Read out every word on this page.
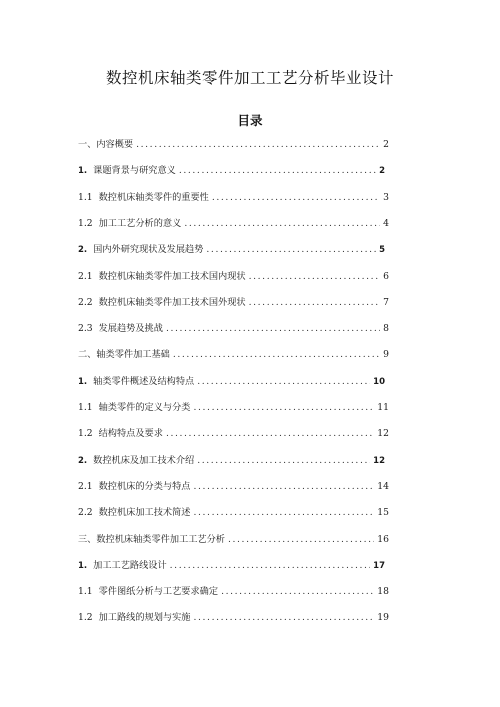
数控机床轴类零件加工工艺分析毕业设计
目录
一、内容概要 .....	2
1. 课题背景与研究意义 .....	2
1.1 数控机床轴类零件的重要性 .....	3
1.2 加工工艺分析的意义 .....	4
2. 国内外研究现状及发展趋势 .....	5
2.1 数控机床轴类零件加工技术国内现状 .....	6
2.2 数控机床轴类零件加工技术国外现状 .....	7
2.3 发展趋势及挑战 .....	8
二、轴类零件加工基础 .....	9
1. 轴类零件概述及结构特点 .....	10
1.1 轴类零件的定义与分类 .....	11
1.2 结构特点及要求 .....	12
2. 数控机床及加工技术介绍 .....	12
2.1 数控机床的分类与特点 .....	14
2.2 数控机床加工技术简述 .....	15
三、数控机床轴类零件加工工艺分析 .....	16
1. 加工工艺路线设计 .....	17
1.1 零件图纸分析与工艺要求确定 .....	18
1.2 加工路线的规划与实施 .....	19
